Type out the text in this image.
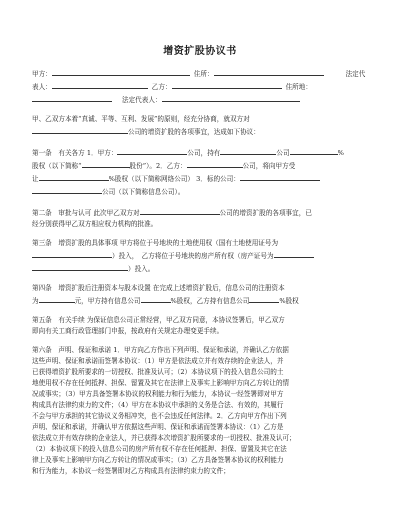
增资扩股协议书

甲方：	住所：	法定代

表人：	乙方：	住所地：

法定代表人：

甲、乙双方本着“真诚、平等、互利、发展”的原则，经充分协商，就双方对

公司的增资扩股的各项事宜，达成如下协议：

第一条　有关各方 1．甲方：	公司，持有	公司	%

股权（以下简称“	股份”）。2．乙方：	公司，将向甲方受

让	%股权（以下简称网络公司） 3．标的公司：

公司（以下简称信息公司）。

第二条　审批与认可 此次甲乙双方对	公司的增资扩股的各项事宜，已

经分别获得甲乙双方相应权力机构的批准。

第三条　增资扩股的具体事项 甲方将位于号地块的土地使用权（国有土地使用证号为

）投入，　乙方将位于号地块的房产所有权（房产证号为

）投入。

第四条　增资扩股后注册资本与股本设置 在完成上述增资扩股后，信息公司的注册资本

为	元，甲方持有信息公司	%股权，乙方持有信息公司	%股权

第五条　有关手续 为保证信息公司正常经营，甲乙双方同意，本协议签署后，甲乙双方

即向有关工商行政管理部门申报，按政府有关规定办理变更手续。

第六条　声明、保证和承诺 1．甲方向乙方作出下列声明、保证和承诺，并确认乙方依据

这些声明、保证和承诺而签署本协议：（1）甲方是依法成立并有效存续的企业法人，并

已获得增资扩股所要求的一切授权、批准及认可；（2）本协议项下的投入信息公司的土

地使用权不存在任何抵押、担保、留置及其它在法律上及事实上影响甲方向乙方转让的情

况或事实；（3）甲方具备签署本协议的权利能力和行为能力，本协议一经签署即对甲方

构成具有法律约束力的文件；（4）甲方在本协议中承担的义务是合法、有效的，其履行

不会与甲方承担的其它协议义务相冲突，也不会违反任何法律。2．乙方向甲方作出下列

声明、保证和承诺，并确认甲方依据这些声明、保证和承诺而签署本协议：（1）乙方是

依法成立并有效存续的企业法人，并已获得本次增资扩股所要求的一切授权、批准及认可；

（2）本协议项下的投入信息公司的房产所有权不存在任何抵押、担保、留置及其它在法

律上及事实上影响甲方向乙方转让的情况或事实；（3）乙方具备签署本协议的权利能力

和行为能力，本协议一经签署即对乙方构成具有法律约束力的文件；
